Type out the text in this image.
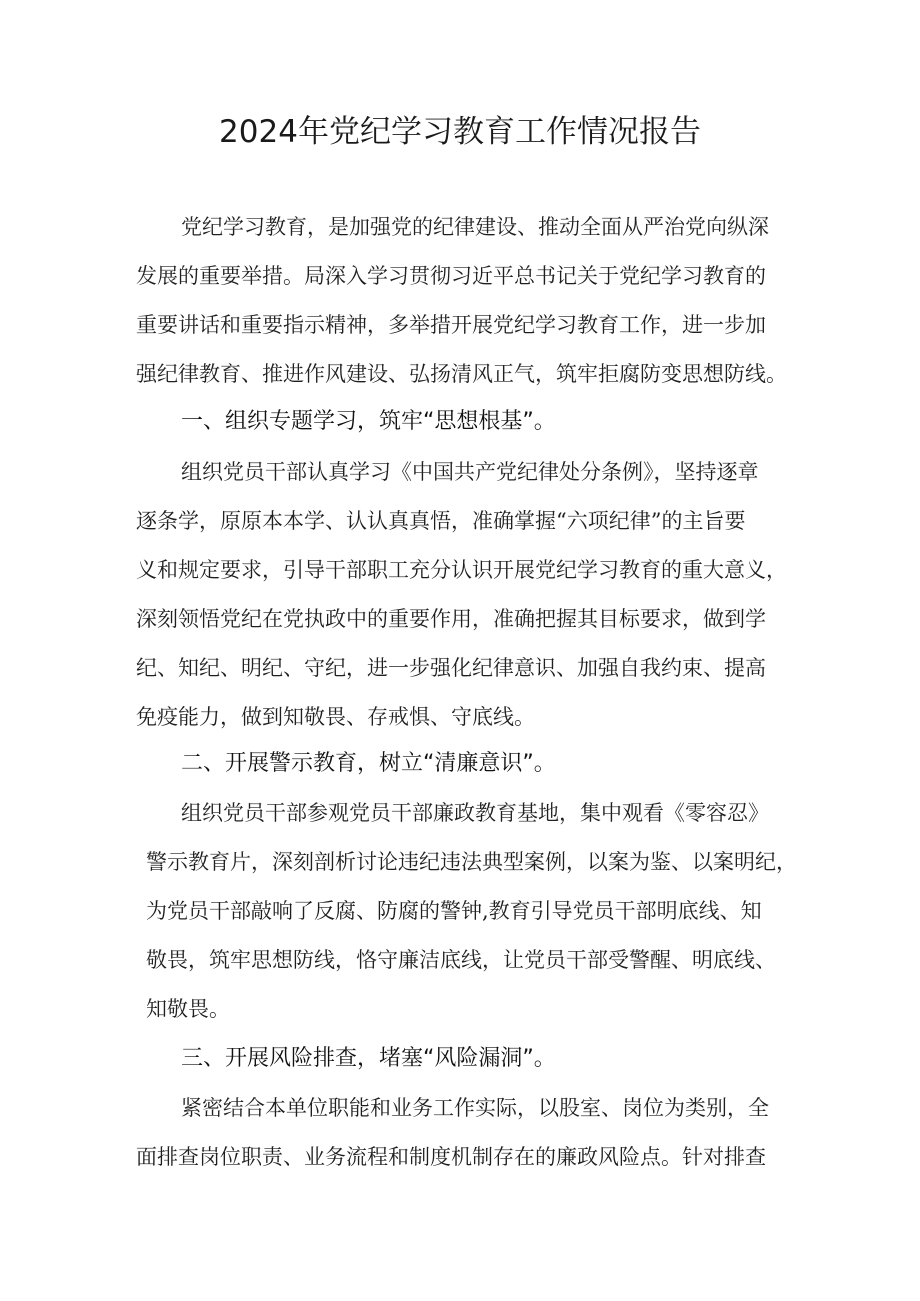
2024年党纪学习教育工作情况报告
党纪学习教育，是加强党的纪律建设、推动全面从严治党向纵深
发展的重要举措。局深入学习贯彻习近平总书记关于党纪学习教育的
重要讲话和重要指示精神，多举措开展党纪学习教育工作，进一步加
强纪律教育、推进作风建设、弘扬清风正气，筑牢拒腐防变思想防线。
一、组织专题学习，筑牢“思想根基”。
组织党员干部认真学习《中国共产党纪律处分条例》，坚持逐章
逐条学，原原本本学、认认真真悟，准确掌握“六项纪律”的主旨要
义和规定要求，引导干部职工充分认识开展党纪学习教育的重大意义，
深刻领悟党纪在党执政中的重要作用，准确把握其目标要求，做到学
纪、知纪、明纪、守纪，进一步强化纪律意识、加强自我约束、提高
免疫能力，做到知敬畏、存戒惧、守底线。
二、开展警示教育，树立“清廉意识”。
组织党员干部参观党员干部廉政教育基地，集中观看《零容忍》
警示教育片，深刻剖析讨论违纪违法典型案例，以案为鉴、以案明纪，
为党员干部敲响了反腐、防腐的警钟,教育引导党员干部明底线、知
敬畏，筑牢思想防线，恪守廉洁底线，让党员干部受警醒、明底线、
知敬畏。
三、开展风险排查，堵塞“风险漏洞”。
紧密结合本单位职能和业务工作实际，以股室、岗位为类别，全
面排查岗位职责、业务流程和制度机制存在的廉政风险点。针对排查
